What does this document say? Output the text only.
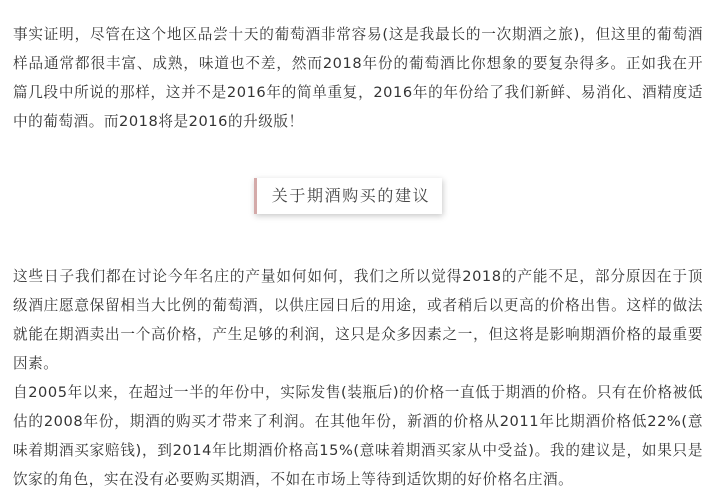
事实证明，尽管在这个地区品尝十天的葡萄酒非常容易(这是我最长的一次期酒之旅)，但这里的葡萄酒样品通常都很丰富、成熟，味道也不差，然而2018年份的葡萄酒比你想象的要复杂得多。正如我在开篇几段中所说的那样，这并不是2016年的简单重复，2016年的年份给了我们新鲜、易消化、酒精度适中的葡萄酒。而2018将是2016的升级版！

关于期酒购买的建议

这些日子我们都在讨论今年名庄的产量如何如何，我们之所以觉得2018的产能不足，部分原因在于顶级酒庄愿意保留相当大比例的葡萄酒，以供庄园日后的用途，或者稍后以更高的价格出售。这样的做法就能在期酒卖出一个高价格，产生足够的利润，这只是众多因素之一，但这将是影响期酒价格的最重要因素。

自2005年以来，在超过一半的年份中，实际发售(装瓶后)的价格一直低于期酒的价格。只有在价格被低估的2008年份，期酒的购买才带来了利润。在其他年份，新酒的价格从2011年比期酒价格低22%(意味着期酒买家赔钱)，到2014年比期酒价格高15%(意味着期酒买家从中受益)。我的建议是，如果只是饮家的角色，实在没有必要购买期酒，不如在市场上等待到适饮期的好价格名庄酒。
